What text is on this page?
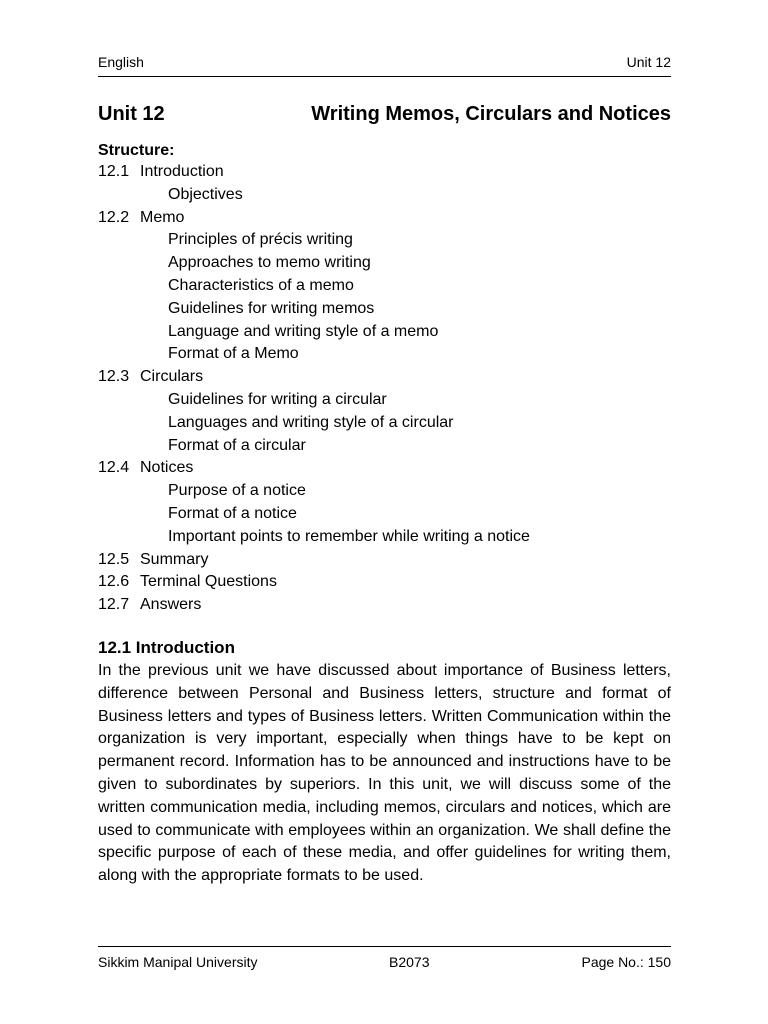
English	Unit 12
Unit 12	Writing Memos, Circulars and Notices
Structure:
12.1 Introduction
Objectives
12.2 Memo
Principles of précis writing
Approaches to memo writing
Characteristics of a memo
Guidelines for writing memos
Language and writing style of a memo
Format of a Memo
12.3 Circulars
Guidelines for writing a circular
Languages and writing style of a circular
Format of a circular
12.4 Notices
Purpose of a notice
Format of a notice
Important points to remember while writing a notice
12.5 Summary
12.6 Terminal Questions
12.7 Answers
12.1 Introduction

In the previous unit we have discussed about importance of Business letters, difference between Personal and Business letters, structure and format of Business letters and types of Business letters. Written Communication within the organization is very important, especially when things have to be kept on permanent record. Information has to be announced and instructions have to be given to subordinates by superiors. In this unit, we will discuss some of the written communication media, including memos, circulars and notices, which are used to communicate with employees within an organization. We shall define the specific purpose of each of these media, and offer guidelines for writing them, along with the appropriate formats to be used.

Sikkim Manipal University	B2073	Page No.: 150
